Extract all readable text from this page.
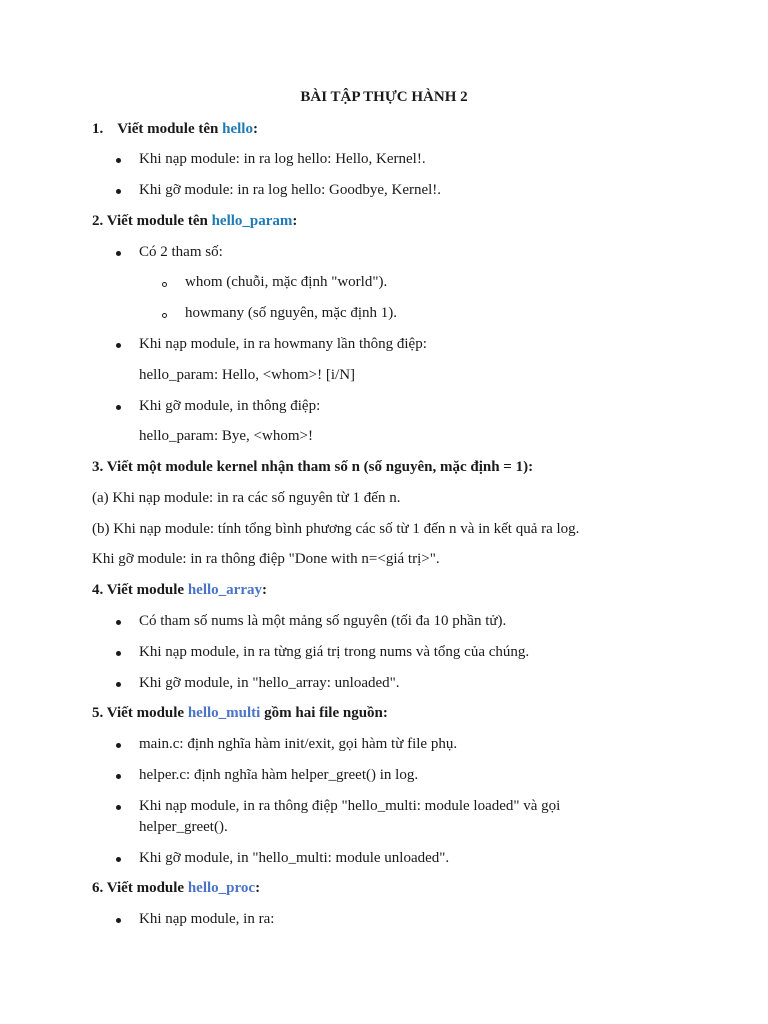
BÀI TẬP THỰC HÀNH 2
1. Viết module tên hello:
Khi nạp module: in ra log hello: Hello, Kernel!.
Khi gỡ module: in ra log hello: Goodbye, Kernel!.
2. Viết module tên hello_param:
Có 2 tham số:
whom (chuỗi, mặc định "world").
howmany (số nguyên, mặc định 1).
Khi nạp module, in ra howmany lần thông điệp:
hello_param: Hello, <whom>! [i/N]
Khi gỡ module, in thông điệp:
hello_param: Bye, <whom>!
3. Viết một module kernel nhận tham số n (số nguyên, mặc định = 1):
(a) Khi nạp module: in ra các số nguyên từ 1 đến n.
(b) Khi nạp module: tính tổng bình phương các số từ 1 đến n và in kết quả ra log.
Khi gỡ module: in ra thông điệp "Done with n=<giá trị>".
4. Viết module hello_array:
Có tham số nums là một mảng số nguyên (tối đa 10 phần tử).
Khi nạp module, in ra từng giá trị trong nums và tổng của chúng.
Khi gỡ module, in "hello_array: unloaded".
5. Viết module hello_multi gồm hai file nguồn:
main.c: định nghĩa hàm init/exit, gọi hàm từ file phụ.
helper.c: định nghĩa hàm helper_greet() in log.
Khi nạp module, in ra thông điệp "hello_multi: module loaded" và gọi
helper_greet().
Khi gỡ module, in "hello_multi: module unloaded".
6. Viết module hello_proc:
Khi nạp module, in ra:
